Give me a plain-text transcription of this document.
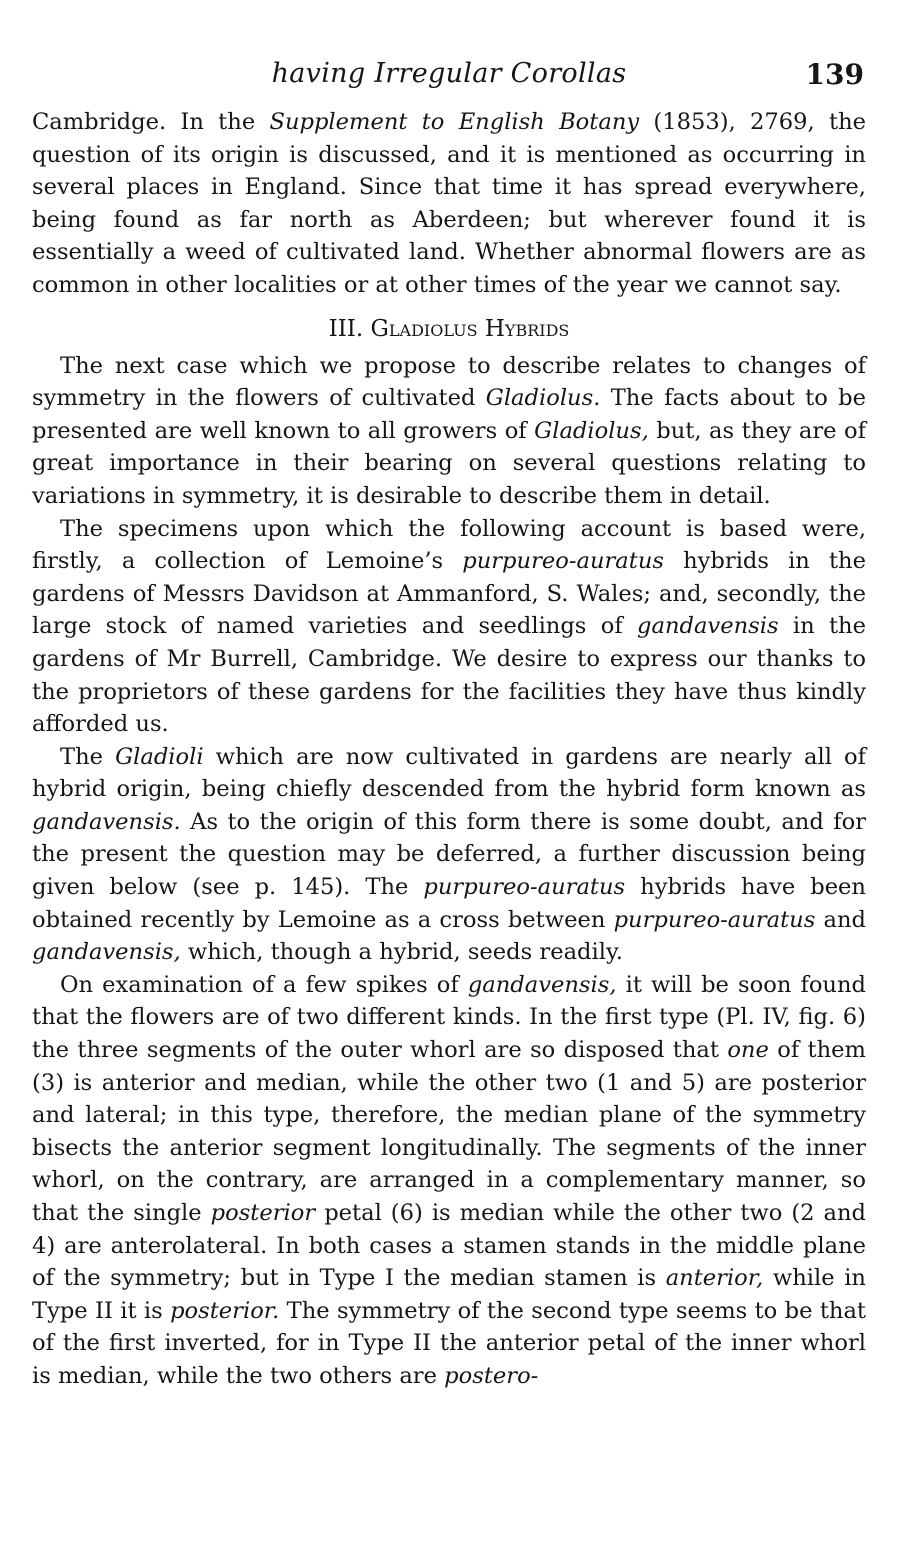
having Irregular Corollas	139

Cambridge. In the Supplement to English Botany (1853), 2769, the question of its origin is discussed, and it is mentioned as occurring in several places in England. Since that time it has spread everywhere, being found as far north as Aberdeen; but wherever found it is essentially a weed of cultivated land. Whether abnormal flowers are as common in other localities or at other times of the year we cannot say.

III. Gladiolus Hybrids

The next case which we propose to describe relates to changes of symmetry in the flowers of cultivated Gladiolus. The facts about to be presented are well known to all growers of Gladiolus, but, as they are of great importance in their bearing on several questions relating to variations in symmetry, it is desirable to describe them in detail.

The specimens upon which the following account is based were, firstly, a collection of Lemoine’s purpureo-auratus hybrids in the gardens of Messrs Davidson at Ammanford, S. Wales; and, secondly, the large stock of named varieties and seedlings of gandavensis in the gardens of Mr Burrell, Cambridge. We desire to express our thanks to the proprietors of these gardens for the facilities they have thus kindly afforded us.

The Gladioli which are now cultivated in gardens are nearly all of hybrid origin, being chiefly descended from the hybrid form known as gandavensis. As to the origin of this form there is some doubt, and for the present the question may be deferred, a further discussion being given below (see p. 145). The purpureo-auratus hybrids have been obtained recently by Lemoine as a cross between purpureo-auratus and gandavensis, which, though a hybrid, seeds readily.

On examination of a few spikes of gandavensis, it will be soon found that the flowers are of two different kinds. In the first type (Pl. IV, fig. 6) the three segments of the outer whorl are so disposed that one of them (3) is anterior and median, while the other two (1 and 5) are posterior and lateral; in this type, therefore, the median plane of the symmetry bisects the anterior segment longitudinally. The segments of the inner whorl, on the contrary, are arranged in a complementary manner, so that the single posterior petal (6) is median while the other two (2 and 4) are anterolateral. In both cases a stamen stands in the middle plane of the symmetry; but in Type I the median stamen is anterior, while in Type II it is posterior. The symmetry of the second type seems to be that of the first inverted, for in Type II the anterior petal of the inner whorl is median, while the two others are postero-
